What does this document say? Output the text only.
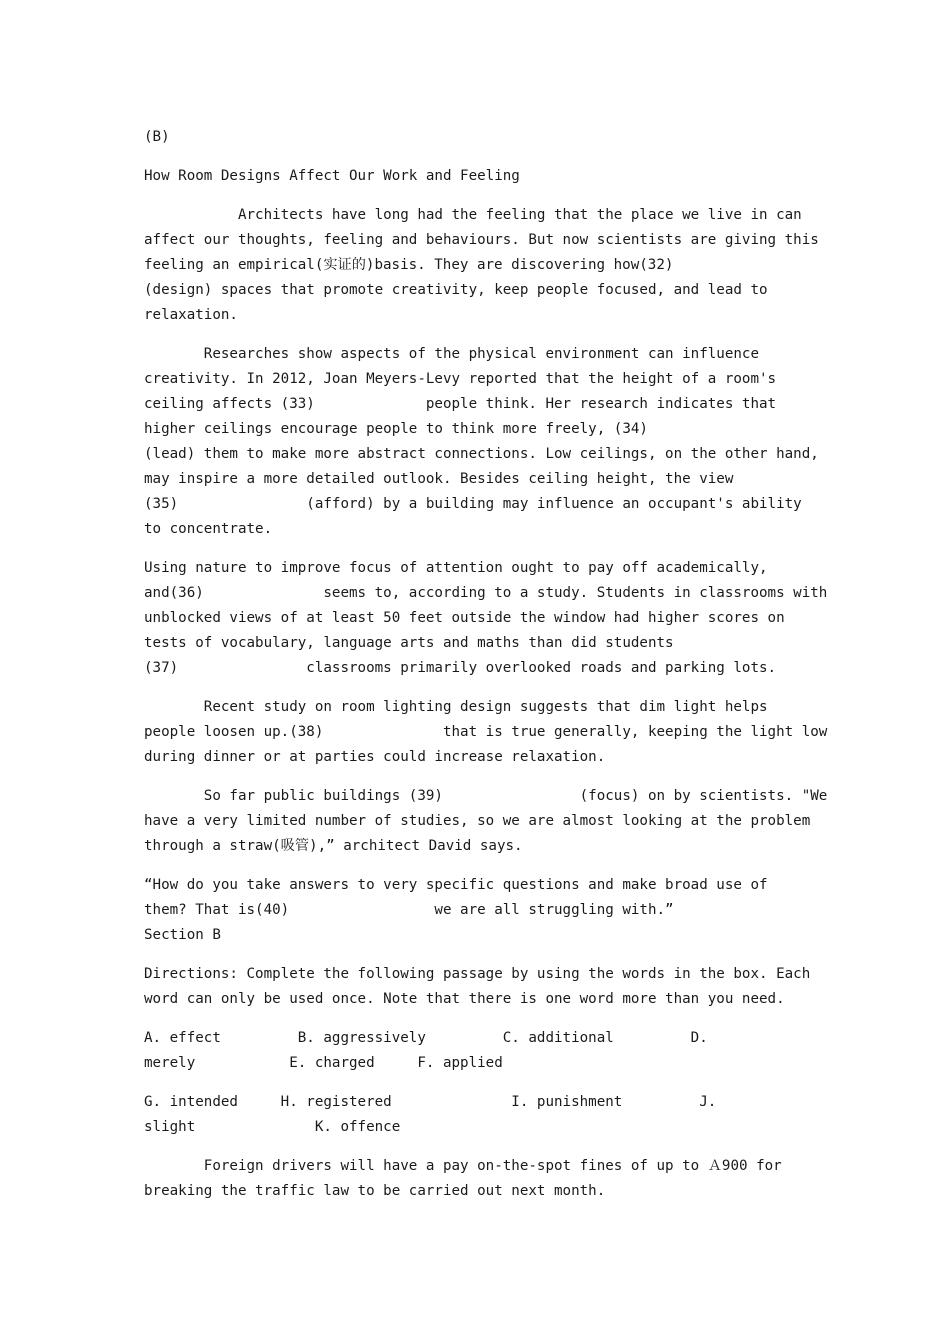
(B)
How Room Designs Affect Our Work and Feeling
Architects have long had the feeling that the place we live in can
affect our thoughts, feeling and behaviours. But now scientists are giving this
feeling an empirical(实证的)basis. They are discovering how(32)
(design) spaces that promote creativity, keep people focused, and lead to
relaxation.
Researches show aspects of the physical environment can influence
creativity. In 2012, Joan Meyers-Levy reported that the height of a room's
ceiling affects (33)             people think. Her research indicates that
higher ceilings encourage people to think more freely, (34)
(lead) them to make more abstract connections. Low ceilings, on the other hand,
may inspire a more detailed outlook. Besides ceiling height, the view
(35)               (afford) by a building may influence an occupant's ability
to concentrate.
Using nature to improve focus of attention ought to pay off academically,
and(36)              seems to, according to a study. Students in classrooms with
unblocked views of at least 50 feet outside the window had higher scores on
tests of vocabulary, language arts and maths than did students
(37)               classrooms primarily overlooked roads and parking lots.
Recent study on room lighting design suggests that dim light helps
people loosen up.(38)              that is true generally, keeping the light low
during dinner or at parties could increase relaxation.
So far public buildings (39)                (focus) on by scientists. "We
have a very limited number of studies, so we are almost looking at the problem
through a straw(吸管),” architect David says.
“How do you take answers to very specific questions and make broad use of
them? That is(40)                 we are all struggling with.”
Section B
Directions: Complete the following passage by using the words in the box. Each
word can only be used once. Note that there is one word more than you need.
A. effect         B. aggressively         C. additional         D.
merely           E. charged     F. applied
G. intended     H. registered              I. punishment         J.
slight              K. offence
Foreign drivers will have a pay on-the-spot fines of up to Ａ900 for
breaking the traffic law to be carried out next month.
